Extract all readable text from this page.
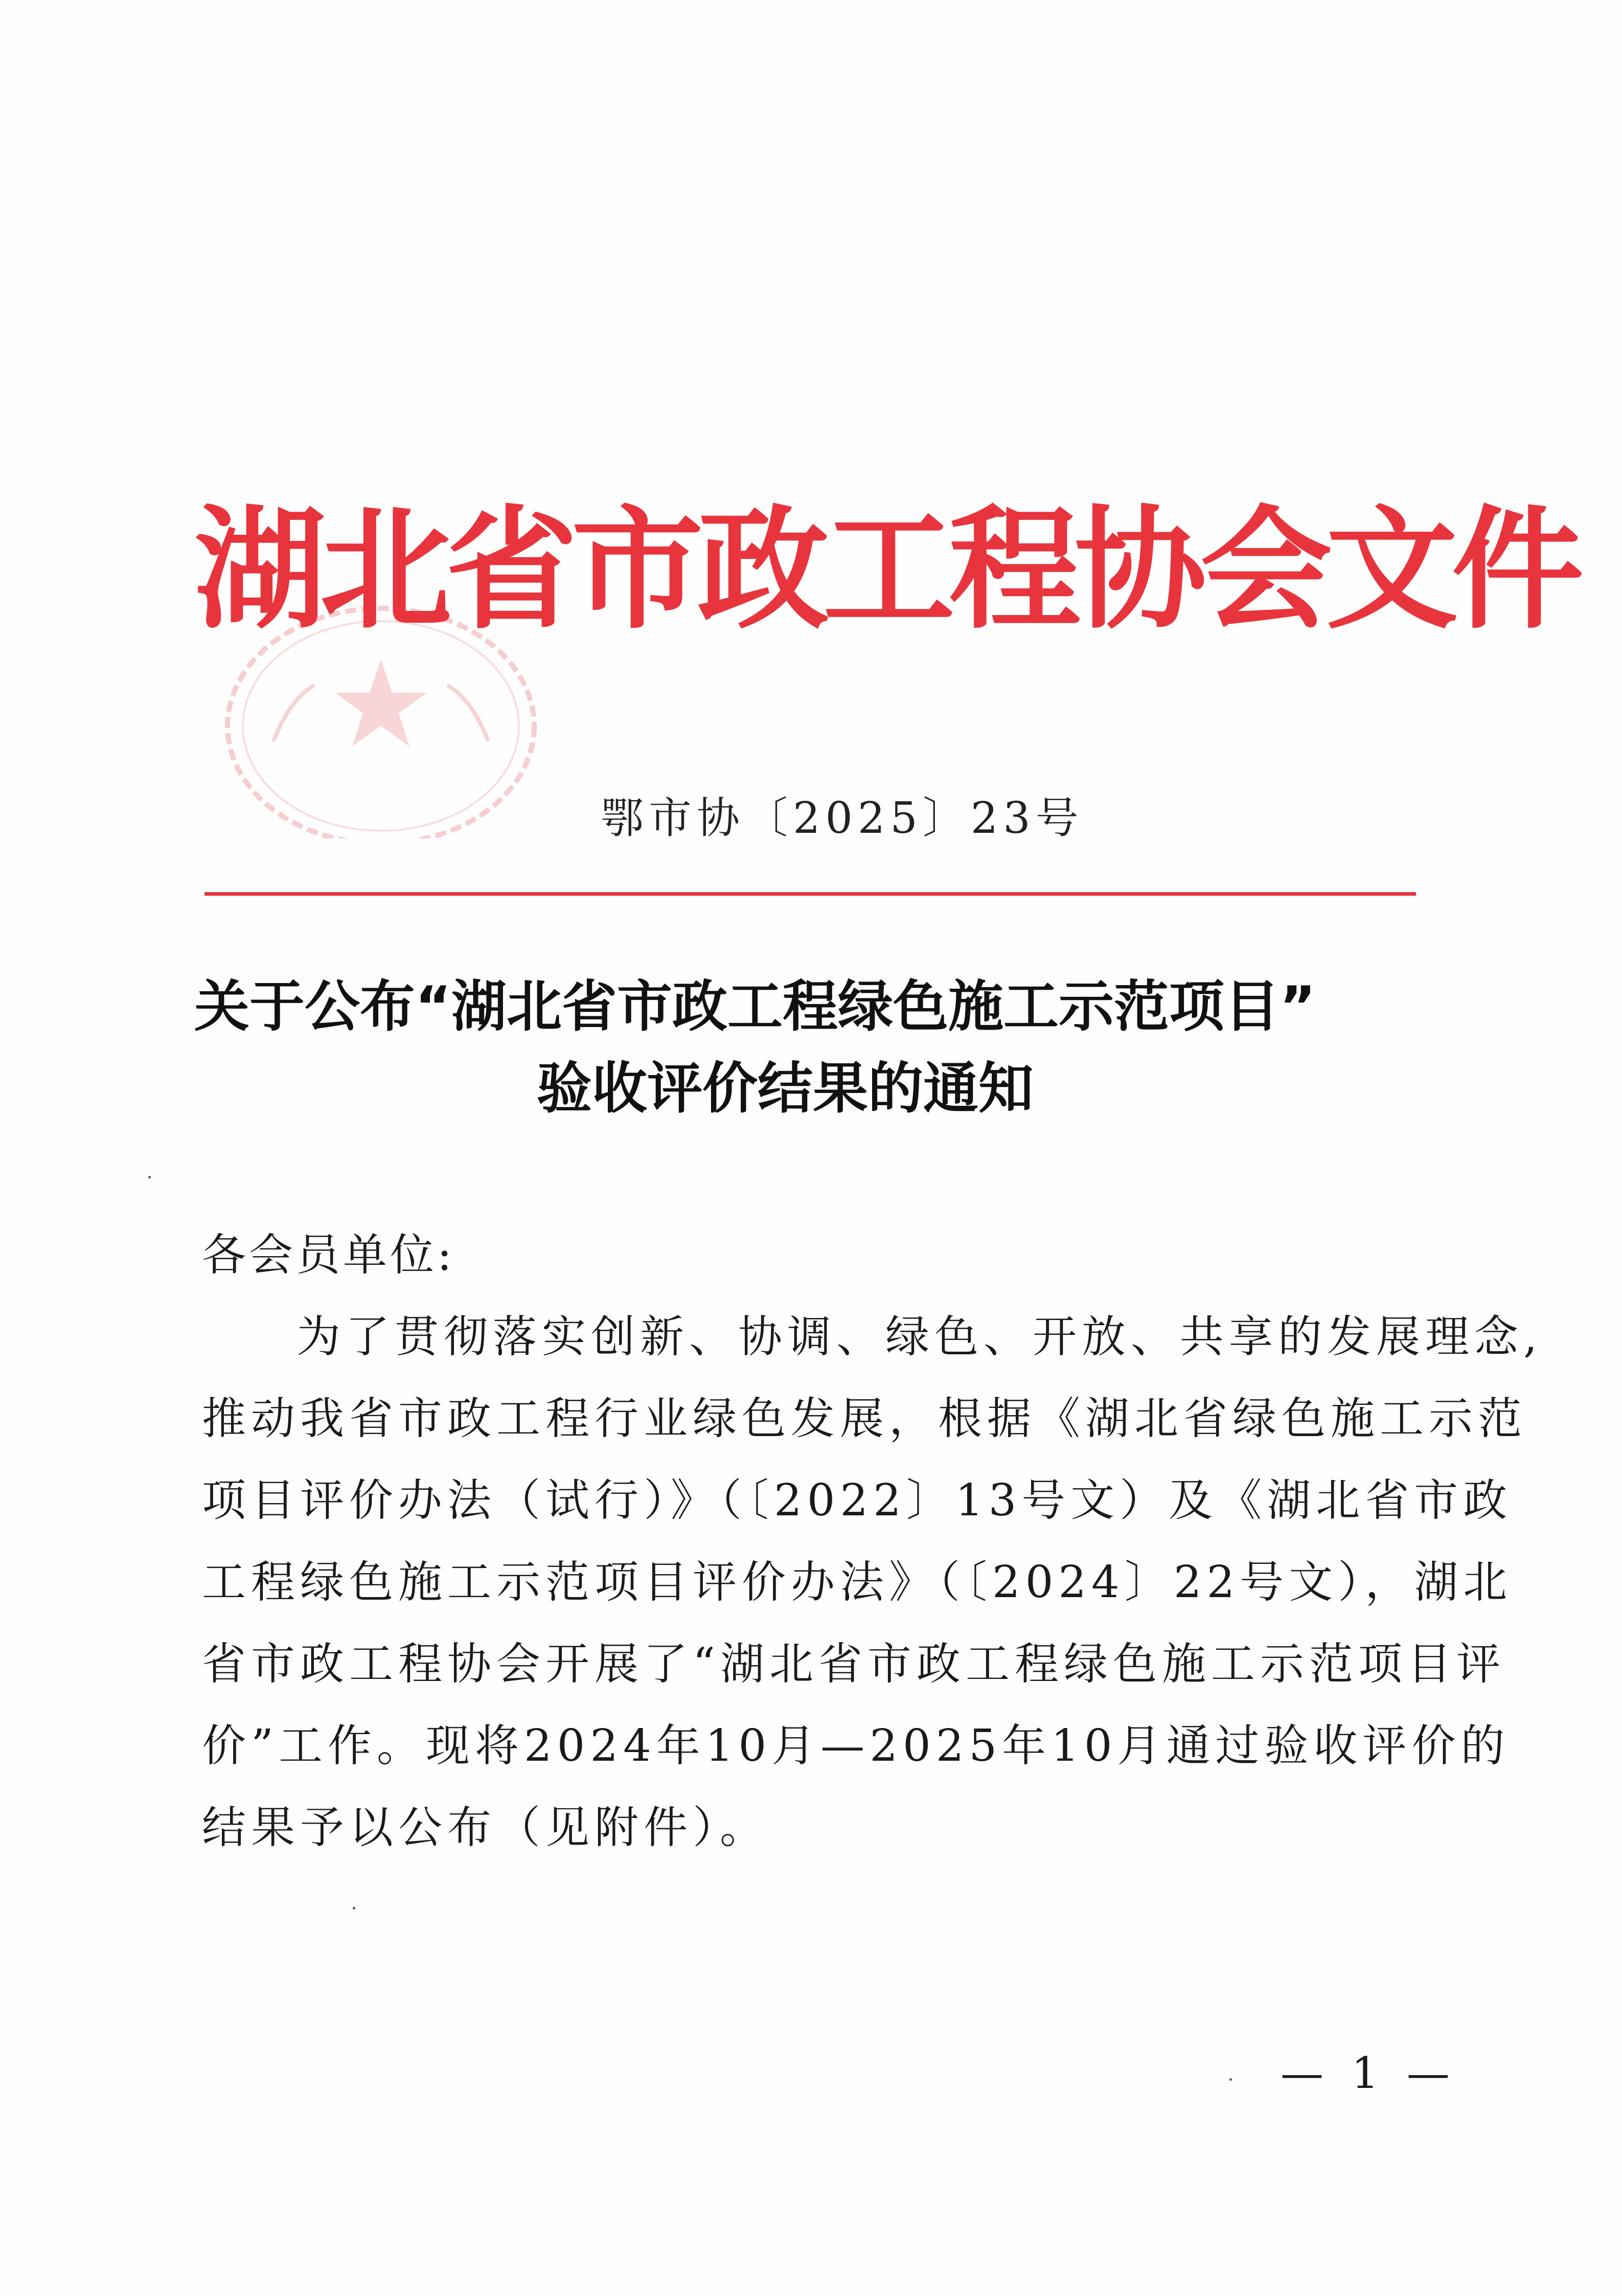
湖北省市政工程协会文件
鄂市协〔2025〕23号
关于公布“湖北省市政工程绿色施工示范项目”
验收评价结果的通知
各会员单位:
为了贯彻落实创新、协调、绿色、开放、共享的发展理念,
推动我省市政工程行业绿色发展，根据《湖北省绿色施工示范
项目评价办法（试行）》（〔2022〕13号文）及《湖北省市政
工程绿色施工示范项目评价办法》（〔2024〕22号文），湖北
省市政工程协会开展了“湖北省市政工程绿色施工示范项目评
价”工作。现将2024年10月—2025年10月通过验收评价的
结果予以公布（见附件）。
— 1 —
